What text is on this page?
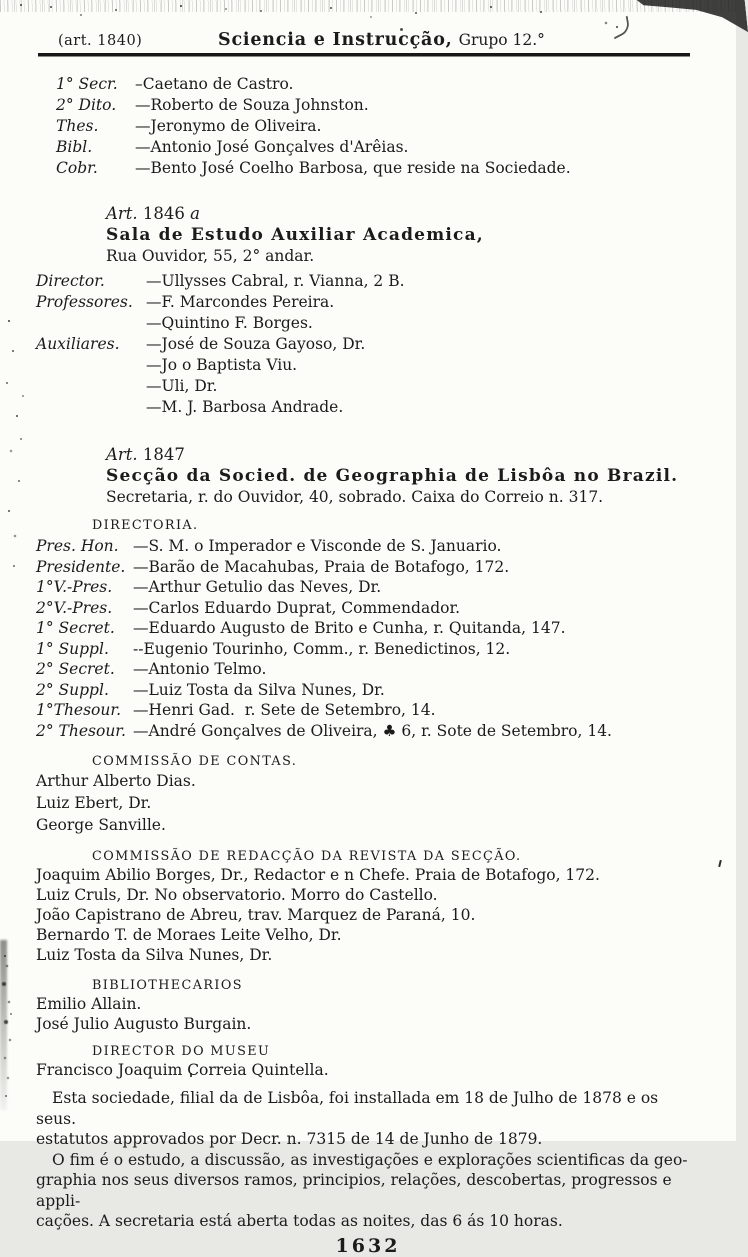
(art. 1840)	Sciencia e Instrucção, Grupo 12.°
1° Secr.	–Caetano de Castro.
2° Dito.	—Roberto de Souza Johnston.
Thes.	—Jeronymo de Oliveira.
Bibl.	—Antonio José Gonçalves d'Arêias.
Cobr.	—Bento José Coelho Barbosa, que reside na Sociedade.
Art. 1846 a
Sala de Estudo Auxiliar Academica,
Rua Ouvidor, 55, 2° andar.
Director.	—Ullysses Cabral, r. Vianna, 2 B.
Professores. —F. Marcondes Pereira.
—Quintino F. Borges.
Auxiliares.	—José de Souza Gayoso, Dr.
—Jo o Baptista Viu.
—Uli, Dr.
—M. J. Barbosa Andrade.
Art. 1847
Secção da Socied. de Geographia de Lisbôa no Brazil.
Secretaria, r. do Ouvidor, 40, sobrado. Caixa do Correio n. 317.
DIRECTORIA.
Pres. Hon. —S. M. o Imperador e Visconde de S. Januario.
Presidente. —Barão de Macahubas, Praia de Botafogo, 172.
1°V.-Pres.	—Arthur Getulio das Neves, Dr.
2°V.-Pres.	—Carlos Eduardo Duprat, Commendador.
1° Secret.	—Eduardo Augusto de Brito e Cunha, r. Quitanda, 147.
1° Suppl.	--Eugenio Tourinho, Comm., r. Benedictinos, 12.
2° Secret.	—Antonio Telmo.
2° Suppl.	—Luiz Tosta da Silva Nunes, Dr.
1°Thesour. —Henri Gad.  r. Sete de Setembro, 14.
2° Thesour. —André Gonçalves de Oliveira, ♣ 6, r. Sote de Setembro, 14.
COMMISSÃO DE CONTAS.
Arthur Alberto Dias.
Luiz Ebert, Dr.
George Sanville.
COMMISSÃO DE REDACÇÃO DA REVISTA DA SECÇÃO.
Joaquim Abilio Borges, Dr., Redactor e n Chefe. Praia de Botafogo, 172.
Luiz Cruls, Dr. No observatorio. Morro do Castello.
João Capistrano de Abreu, trav. Marquez de Paraná, 10.
Bernardo T. de Moraes Leite Velho, Dr.
Luiz Tosta da Silva Nunes, Dr.
BIBLIOTHECARIOS
Emilio Allain.
José Julio Augusto Burgain.
DIRECTOR DO MUSEU
Francisco Joaquim Correia Quintella.
Esta sociedade, filial da de Lisbôa, foi installada em 18 de Julho de 1878 e os seus.
estatutos approvados por Decr. n. 7315 de 14 de Junho de 1879.
O fim é o estudo, a discussão, as investigações e explorações scientificas da geo-
graphia nos seus diversos ramos, principios, relações, descobertas, progressos e appli-
cações. A secretaria está aberta todas as noites, das 6 ás 10 horas.
1632
